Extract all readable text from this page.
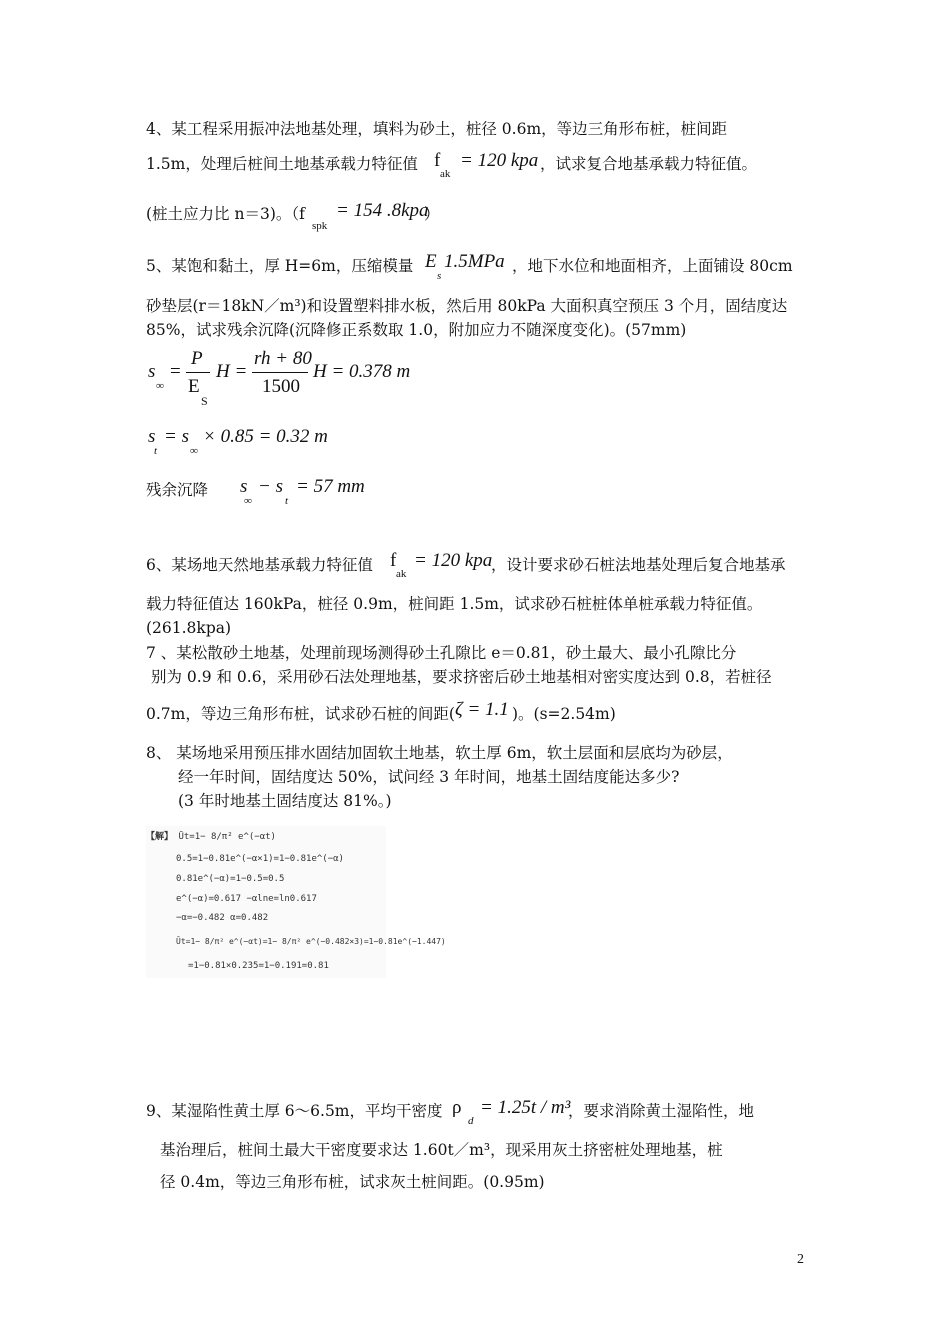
4、某工程采用振冲法地基处理，填料为砂土，桩径 0.6m，等边三角形布桩，桩间距
1.5m，处理后桩间土地基承载力特征值 f
ak
= 120 kpa ，试求复合地基承载力特征值。
(桩土应力比 n＝3)。（f
spk
= 154 .8kpa
）
5、某饱和黏土，厚 H=6m，压缩模量 E
s
1.5MPa ，地下水位和地面相齐，上面铺设 80cm
砂垫层(r＝18kN／m³)和设置塑料排水板，然后用 80kPa 大面积真空预压 3 个月，固结度达
85%，试求残余沉降(沉降修正系数取 1.0，附加应力不随深度变化)。(57mm)
s
∞
=
P
E
S
H =
rh + 80
1500
H = 0.378 m
s
t
= s
∞
× 0.85 = 0.32 m
残余沉降 s
∞
− s
t
= 57 mm
6、某场地天然地基承载力特征值 f
ak
= 120 kpa
，设计要求砂石桩法地基处理后复合地基承
载力特征值达 160kPa，桩径 0.9m，桩间距 1.5m，试求砂石桩桩体单桩承载力特征值。
(261.8kpa)
7 、某松散砂土地基，处理前现场测得砂土孔隙比 e＝0.81，砂土最大、最小孔隙比分
别为 0.9 和 0.6，采用砂石法处理地基，要求挤密后砂土地基相对密实度达到 0.8，若桩径
0.7m，等边三角形布桩，试求砂石桩的间距( ζ = 1.1 )。(s=2.54m)
8、 某场地采用预压排水固结加固软土地基，软土厚 6m，软土层面和层底均为砂层，
经一年时间，固结度达 50%，试问经 3 年时间，地基土固结度能达多少?
(3 年时地基土固结度达 81%。)
【解】 Ūt=1− 8/π² e^(−αt)
0.5=1−0.81e^(−α×1)=1−0.81e^(−α)
0.81e^(−α)=1−0.5=0.5
e^(−α)=0.617 −αlne=ln0.617
−α=−0.482 α=0.482
Ūt=1− 8/π² e^(−αt)=1− 8/π² e^(−0.482×3)=1−0.81e^(−1.447)
=1−0.81×0.235=1−0.191=0.81
9、某湿陷性黄土厚 6～6.5m，平均干密度 ρ
d
= 1.25t / m³
，要求消除黄土湿陷性，地
基治理后，桩间土最大干密度要求达 1.60t／m³，现采用灰土挤密桩处理地基，桩
径 0.4m，等边三角形布桩，试求灰土桩间距。(0.95m)
2
